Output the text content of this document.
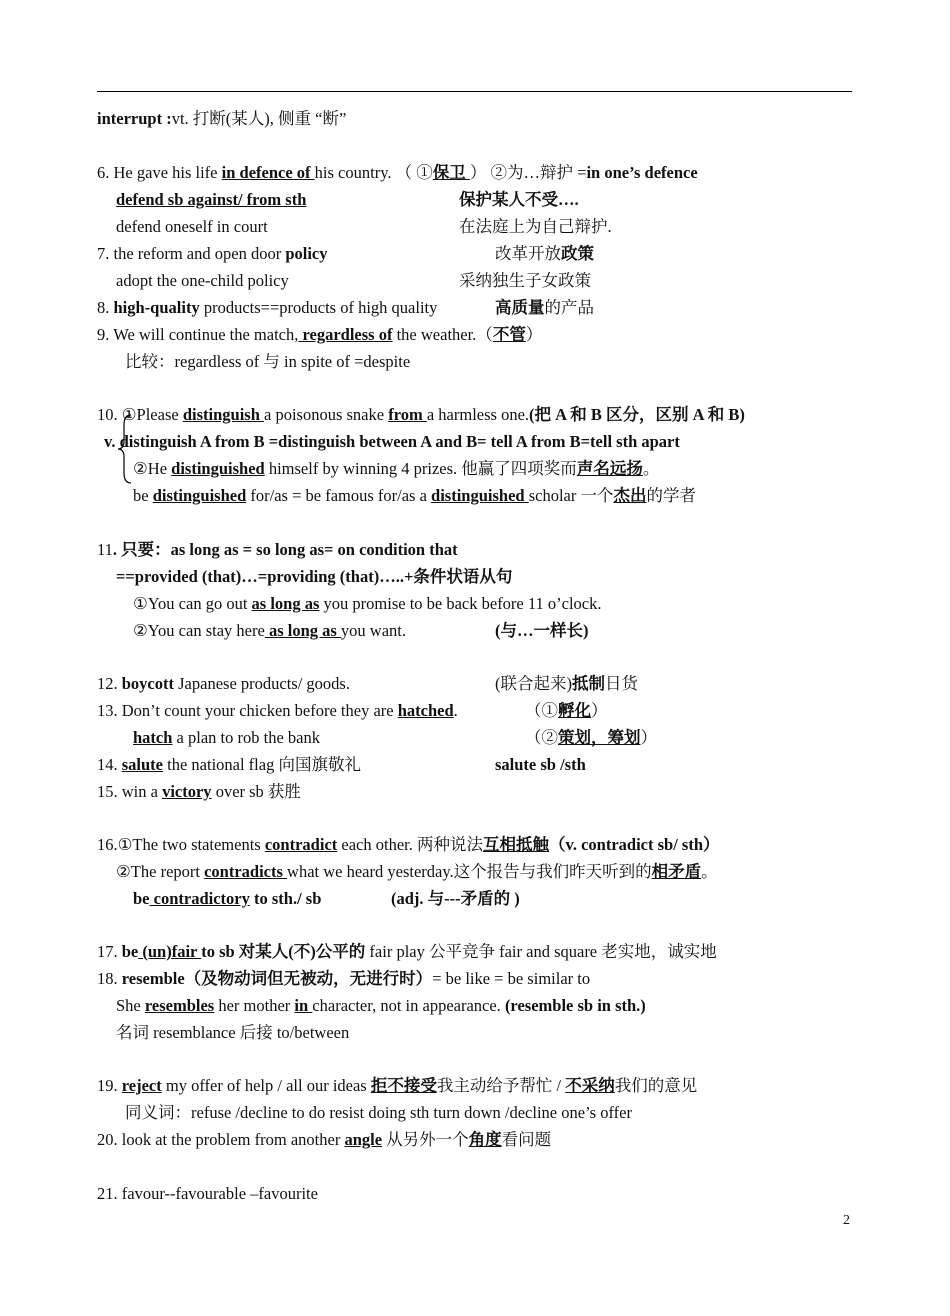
interrupt :vt. 打断(某人), 侧重 “断”
6. He gave his life in defence of his country. （ ①保卫 ） ②为…辩护 =in one’s defence
defend sb against/ from sth	保护某人不受….
defend oneself in court	在法庭上为自己辩护.
7. the reform and open door policy	改革开放政策
adopt the one-child policy	采纳独生子女政策
8. high-quality products==products of high quality	高质量的产品
9. We will continue the match, regardless of the weather.（不管）
比较：regardless of 与 in spite of =despite
10. ①Please distinguish a poisonous snake from a harmless one.(把 A 和 B 区分，区别 A 和 B)
v. distinguish A from B =distinguish between A and B= tell A from B=tell sth apart
②He distinguished himself by winning 4 prizes. 他赢了四项奖而声名远扬。
be distinguished for/as = be famous for/as a distinguished scholar 一个杰出的学者
11. 只要：as long as = so long as= on condition that
==provided (that)…=providing (that)…..+条件状语从句
①You can go out as long as you promise to be back before 11 o’clock.
②You can stay here as long as you want.	(与…一样长)
12. boycott Japanese products/ goods.	(联合起来)抵制日货
13. Don’t count your chicken before they are hatched.	（①孵化）
hatch a plan to rob the bank	（②策划，筹划）
14. salute the national flag 向国旗敬礼	salute sb /sth
15. win a victory over sb 获胜
16.①The two statements contradict each other. 两种说法互相抵触（v. contradict sb/ sth）
②The report contradicts what we heard yesterday.这个报告与我们昨天听到的相矛盾。
be contradictory to sth./ sb	(adj. 与---矛盾的 )
17. be (un)fair to sb 对某人(不)公平的 fair play 公平竞争 fair and square 老实地，诚实地
18. resemble（及物动词但无被动，无进行时）= be like = be similar to
She resembles her mother in character, not in appearance. (resemble sb in sth.)
名词 resemblance 后接 to/between
19. reject my offer of help / all our ideas 拒不接受我主动给予帮忙 / 不采纳我们的意见
同义词：refuse /decline to do resist doing sth turn down /decline one’s offer
20. look at the problem from another angle 从另外一个角度看问题
21. favour--favourable –favourite
2
